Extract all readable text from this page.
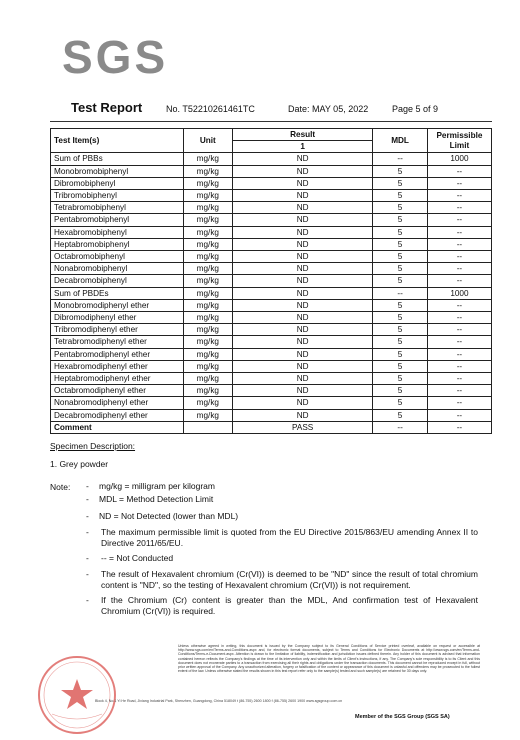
SGS
Test Report	No. T52210261461TC	Date: MAY 05, 2022	Page 5 of 9
Test Item(s)	Unit	Result	MDL	Permissible Limit
		1		
Sum of PBBs	mg/kg	ND	--	1000
Monobromobiphenyl	mg/kg	ND	5	--
Dibromobiphenyl	mg/kg	ND	5	--
Tribromobiphenyl	mg/kg	ND	5	--
Tetrabromobiphenyl	mg/kg	ND	5	--
Pentabromobiphenyl	mg/kg	ND	5	--
Hexabromobiphenyl	mg/kg	ND	5	--
Heptabromobiphenyl	mg/kg	ND	5	--
Octabromobiphenyl	mg/kg	ND	5	--
Nonabromobiphenyl	mg/kg	ND	5	--
Decabromobiphenyl	mg/kg	ND	5	--
Sum of PBDEs	mg/kg	ND	--	1000
Monobromodiphenyl ether	mg/kg	ND	5	--
Dibromodiphenyl ether	mg/kg	ND	5	--
Tribromodiphenyl ether	mg/kg	ND	5	--
Tetrabromodiphenyl ether	mg/kg	ND	5	--
Pentabromodiphenyl ether	mg/kg	ND	5	--
Hexabromodiphenyl ether	mg/kg	ND	5	--
Heptabromodiphenyl ether	mg/kg	ND	5	--
Octabromodiphenyl ether	mg/kg	ND	5	--
Nonabromodiphenyl ether	mg/kg	ND	5	--
Decabromodiphenyl ether	mg/kg	ND	5	--
Comment		PASS	--	--
Specimen Description:
1. Grey powder
Note: - mg/kg = milligram per kilogram
- MDL = Method Detection Limit
- ND = Not Detected (lower than MDL)
- The maximum permissible limit is quoted from the EU Directive 2015/863/EU amending Annex II to Directive 2011/65/EU.
- -- = Not Conducted
- The result of Hexavalent chromium (Cr(VI)) is deemed to be "ND" since the result of total chromium content is "ND", so the testing of Hexavalent chromium (Cr(VI)) is not requirement.
- If the Chromium (Cr) content is greater than the MDL, And confirmation test of Hexavalent Chromium (Cr(VI)) is required.
Unless otherwise agreed in writing, this document is issued by the Company subject to its General Conditions of Service printed overleaf, available on request or accessible at http://www.sgs.com/en/Terms-and-Conditions.aspx and, for electronic format documents, subject to Terms and Conditions for Electronic Documents at http://www.sgs.com/en/Terms-and-Conditions/Terms-e-Document.aspx. Attention is drawn to the limitation of liability, indemnification and jurisdiction issues defined therein. Any holder of this document is advised that information contained hereon reflects the Company's findings at the time of its intervention only and within the limits of Client's instructions, if any. The Company's sole responsibility is to its Client and this document does not exonerate parties to a transaction from exercising all their rights and obligations under the transaction documents. This document cannot be reproduced except in full, without prior written approval of the Company. Any unauthorized alteration, forgery or falsification of the content or appearance of this document is unlawful and offenders may be prosecuted to the fullest extent of the law. Unless otherwise stated the results shown in this test report refer only to the sample(s) tested and such sample(s) are retained for 30 days only.
Block 4, No.1 Yi He Road, Jixiang Industrial Park, Shenzhen, Guangdong, China 518049 t (86-755) 2600 1800 f (86-755) 2600 1900 www.sgsgroup.com.cn
Member of the SGS Group (SGS SA)
